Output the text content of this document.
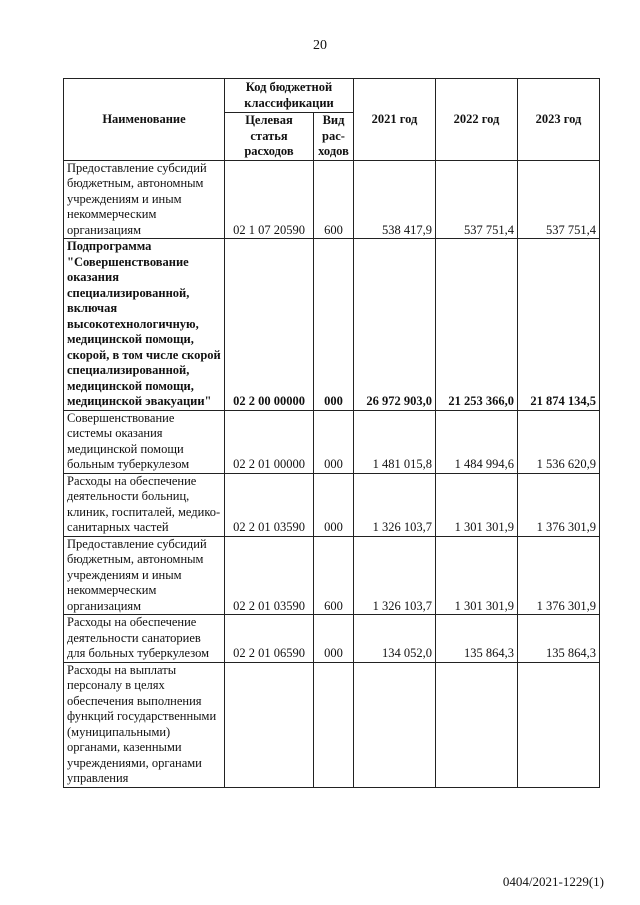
20
Наименование	Код бюджетной классификации		2021 год	2022 год	2023 год
	Целевая статья расходов	Вид рас-ходов			
Предоставление субсидий бюджетным, автономным учреждениям и иным некоммерческим организациям	02 1 07 20590	600	538 417,9	537 751,4	537 751,4
Подпрограмма "Совершенствование оказания специализированной, включая высокотехнологичную, медицинской помощи, скорой, в том числе скорой специализированной, медицинской помощи, медицинской эвакуации"	02 2 00 00000	000	26 972 903,0	21 253 366,0	21 874 134,5
Совершенствование системы оказания медицинской помощи больным туберкулезом	02 2 01 00000	000	1 481 015,8	1 484 994,6	1 536 620,9
Расходы на обеспечение деятельности больниц, клиник, госпиталей, медико-санитарных частей	02 2 01 03590	000	1 326 103,7	1 301 301,9	1 376 301,9
Предоставление субсидий бюджетным, автономным учреждениям и иным некоммерческим организациям	02 2 01 03590	600	1 326 103,7	1 301 301,9	1 376 301,9
Расходы на обеспечение деятельности санаториев для больных туберкулезом	02 2 01 06590	000	134 052,0	135 864,3	135 864,3
Расходы на выплаты персоналу в целях обеспечения выполнения функций государственными (муниципальными) органами, казенными учреждениями, органами управления					
0404/2021-1229(1)
